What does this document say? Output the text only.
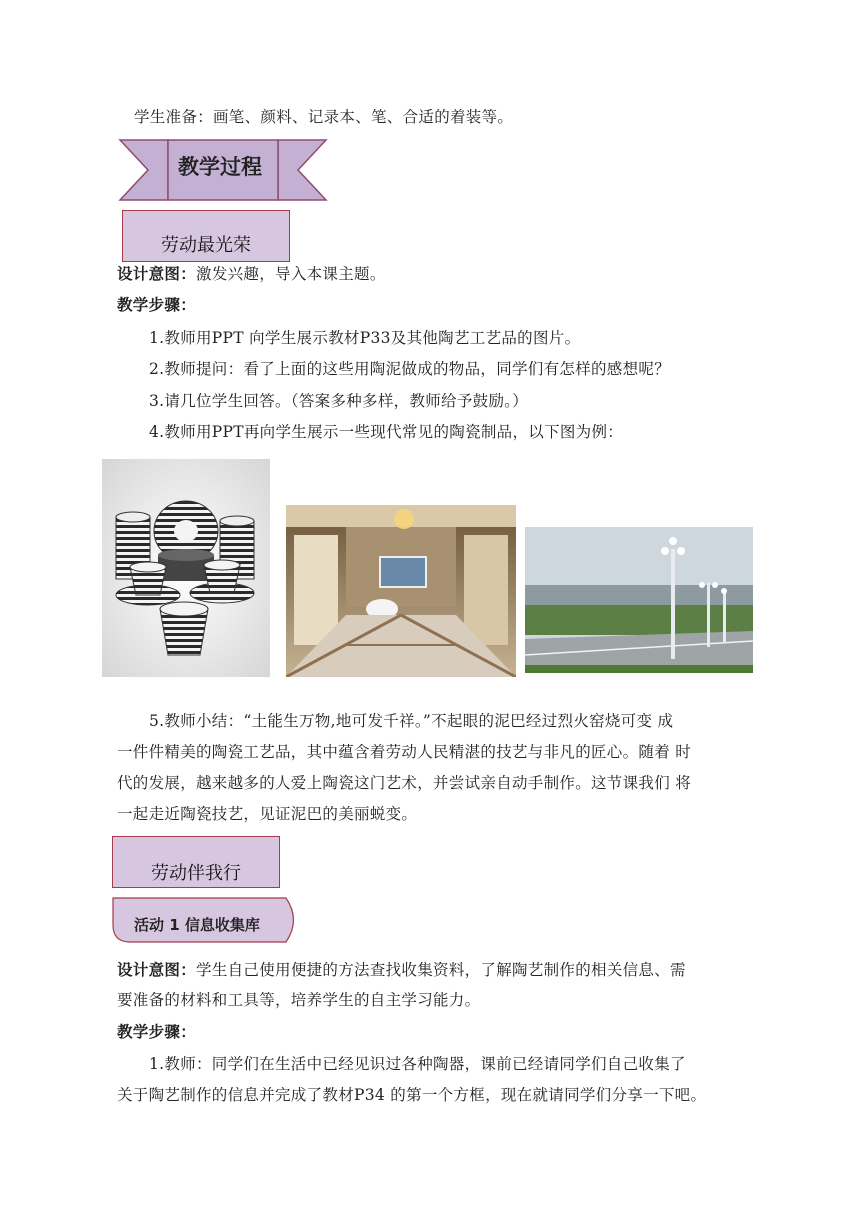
学生准备：画笔、颜料、记录本、笔、合适的着装等。
教学过程
劳动最光荣
设计意图：激发兴趣，导入本课主题。
教学步骤：
1.教师用PPT 向学生展示教材P33及其他陶艺工艺品的图片。
2.教师提问：看了上面的这些用陶泥做成的物品，同学们有怎样的感想呢？
3.请几位学生回答。（答案多种多样，教师给予鼓励。）
4.教师用PPT再向学生展示一些现代常见的陶瓷制品，以下图为例：
5.教师小结：“土能生万物,地可发千祥。”不起眼的泥巴经过烈火窑烧可变 成
一件件精美的陶瓷工艺品，其中蕴含着劳动人民精湛的技艺与非凡的匠心。随着 时
代的发展，越来越多的人爱上陶瓷这门艺术，并尝试亲自动手制作。这节课我们 将
一起走近陶瓷技艺，见证泥巴的美丽蜕变。
劳动伴我行
活动 1 信息收集库
设计意图：学生自己使用便捷的方法查找收集资料，了解陶艺制作的相关信息、需
要准备的材料和工具等，培养学生的自主学习能力。
教学步骤：
1.教师：同学们在生活中已经见识过各种陶器，课前已经请同学们自己收集了
关于陶艺制作的信息并完成了教材P34 的第一个方框，现在就请同学们分享一下吧。
